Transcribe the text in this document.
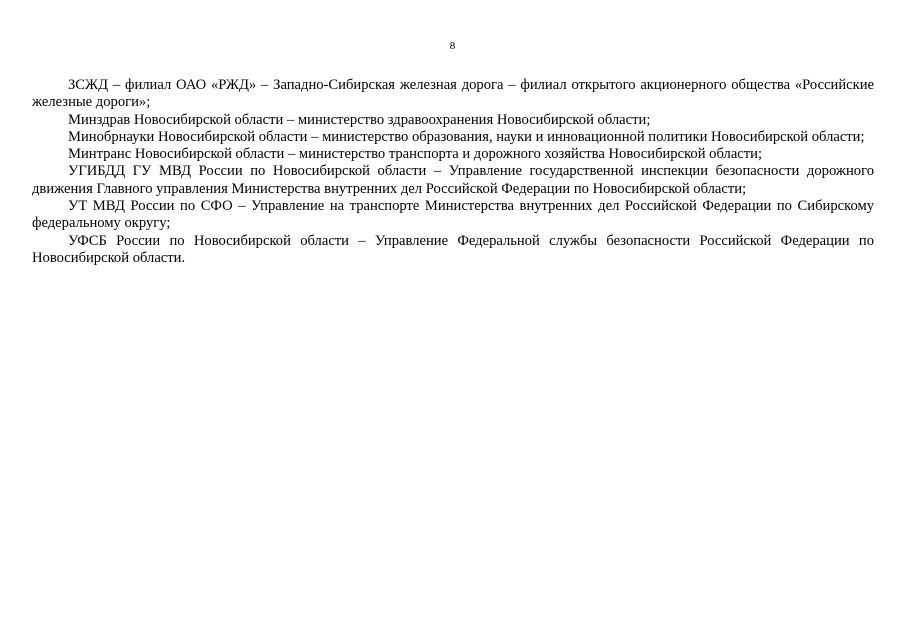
8

ЗСЖД – филиал ОАО «РЖД» – Западно-Сибирская железная дорога – филиал открытого акционерного общества «Российские железные дороги»;

Минздрав Новосибирской области – министерство здравоохранения Новосибирской области;

Минобрнауки Новосибирской области – министерство образования, науки и инновационной политики Новосибирской области;

Минтранс Новосибирской области – министерство транспорта и дорожного хозяйства Новосибирской области;

УГИБДД ГУ МВД России по Новосибирской области – Управление государственной инспекции безопасности дорожного движения Главного управления Министерства внутренних дел Российской Федерации по Новосибирской области;

УТ МВД России по СФО – Управление на транспорте Министерства внутренних дел Российской Федерации по Сибирскому федеральному округу;

УФСБ России по Новосибирской области – Управление Федеральной службы безопасности Российской Федерации по Новосибирской области.
